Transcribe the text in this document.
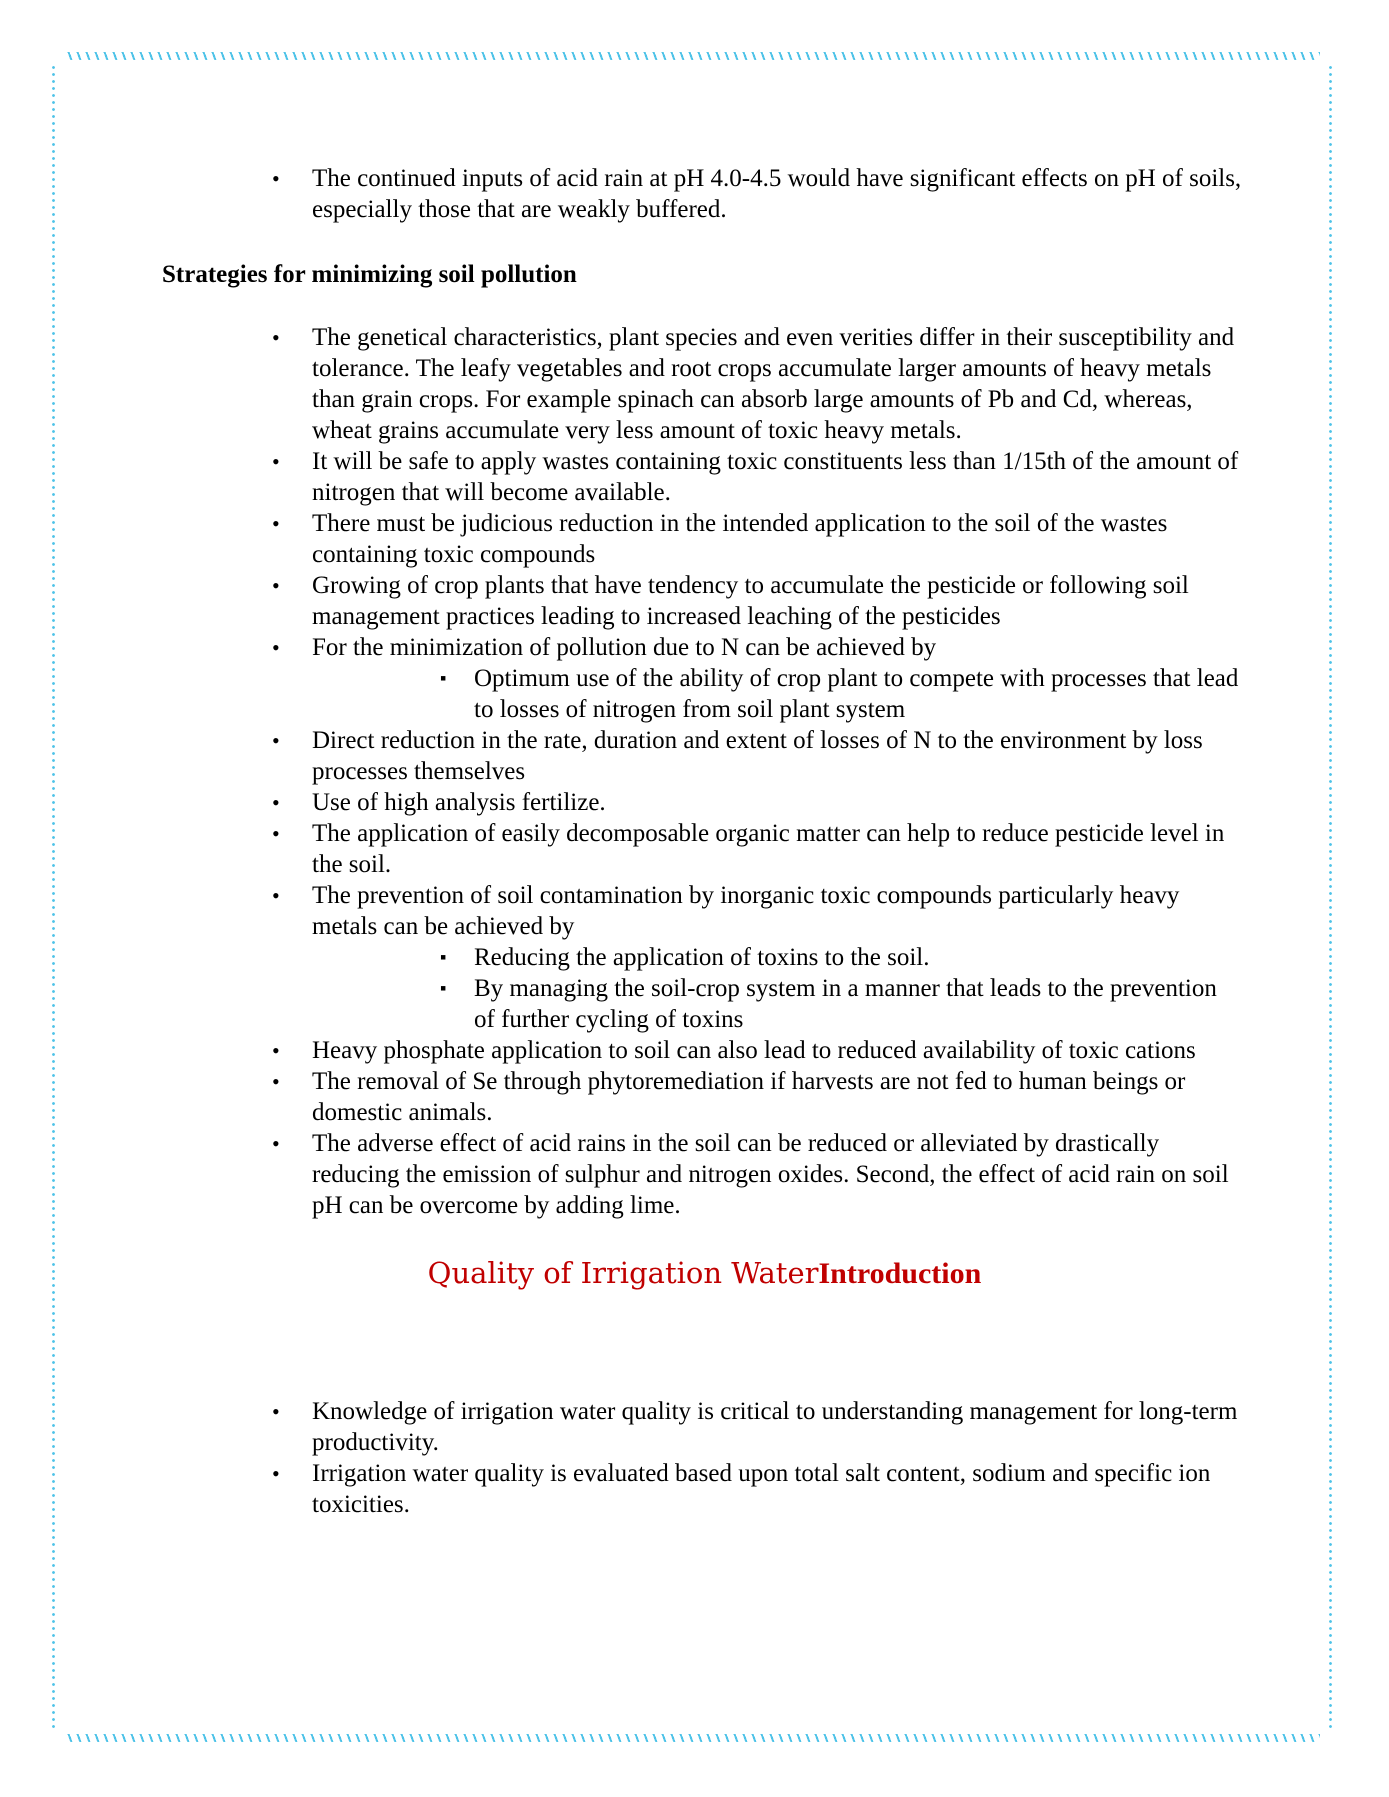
• The continued inputs of acid rain at pH 4.0-4.5 would have significant effects on pH of soils, especially those that are weakly buffered.
Strategies for minimizing soil pollution
• The genetical characteristics, plant species and even verities differ in their susceptibility and tolerance. The leafy vegetables and root crops accumulate larger amounts of heavy metals than grain crops. For example spinach can absorb large amounts of Pb and Cd, whereas, wheat grains accumulate very less amount of toxic heavy metals.
• It will be safe to apply wastes containing toxic constituents less than 1/15th of the amount of nitrogen that will become available.
• There must be judicious reduction in the intended application to the soil of the wastes containing toxic compounds
• Growing of crop plants that have tendency to accumulate the pesticide or following soil management practices leading to increased leaching of the pesticides
• For the minimization of pollution due to N can be achieved by
▪ Optimum use of the ability of crop plant to compete with processes that lead to losses of nitrogen from soil plant system
• Direct reduction in the rate, duration and extent of losses of N to the environment by loss processes themselves
• Use of high analysis fertilize.
• The application of easily decomposable organic matter can help to reduce pesticide level in the soil.
• The prevention of soil contamination by inorganic toxic compounds particularly heavy metals can be achieved by
▪ Reducing the application of toxins to the soil.
▪ By managing the soil-crop system in a manner that leads to the prevention of further cycling of toxins
• Heavy phosphate application to soil can also lead to reduced availability of toxic cations
• The removal of Se through phytoremediation if harvests are not fed to human beings or domestic animals.
• The adverse effect of acid rains in the soil can be reduced or alleviated by drastically reducing the emission of sulphur and nitrogen oxides. Second, the effect of acid rain on soil pH can be overcome by adding lime.
Quality of Irrigation WaterIntroduction
• Knowledge of irrigation water quality is critical to understanding management for long-term productivity.
• Irrigation water quality is evaluated based upon total salt content, sodium and specific ion toxicities.
